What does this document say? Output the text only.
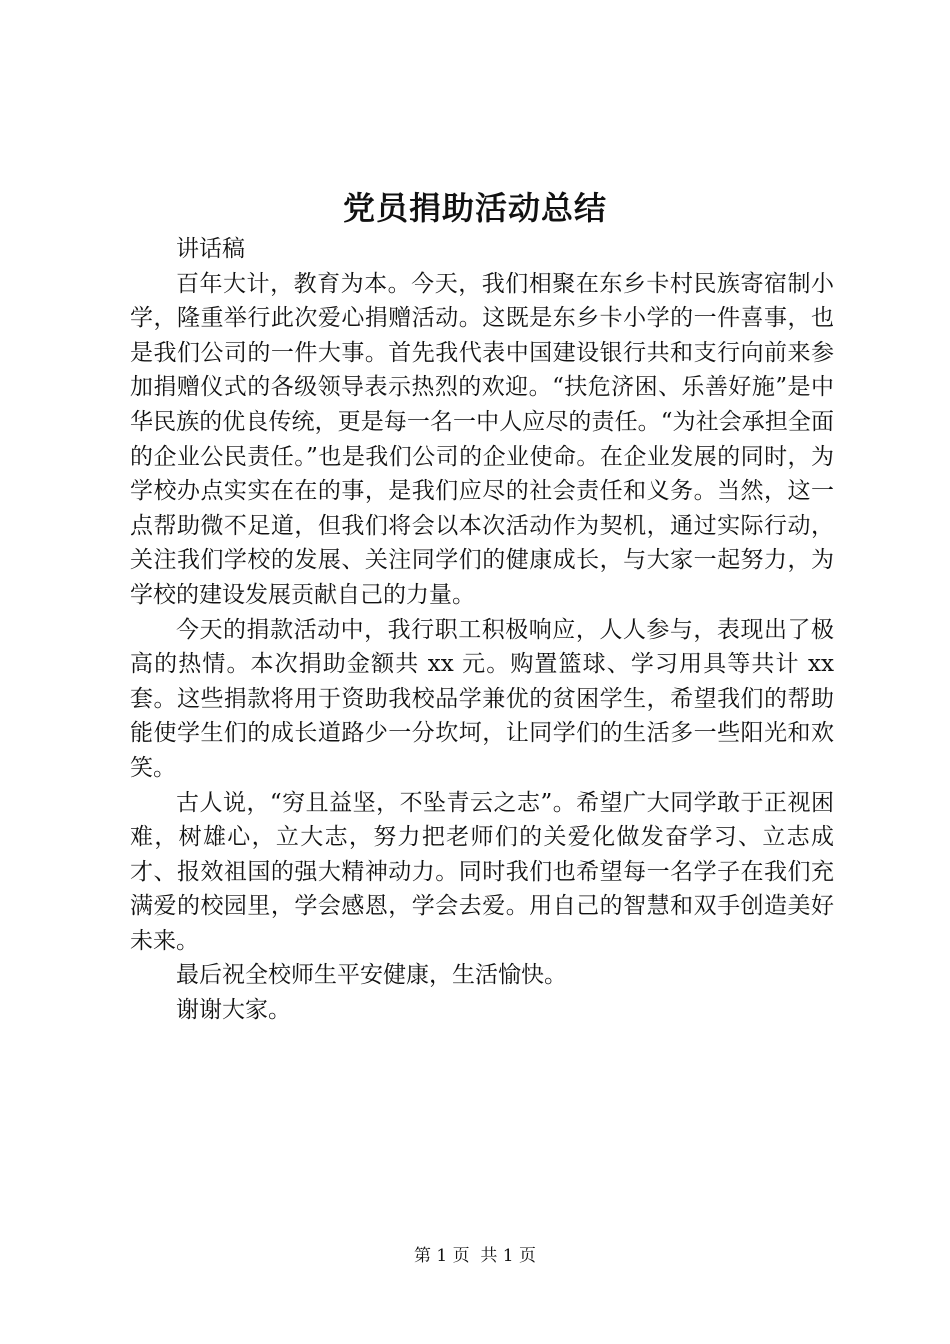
党员捐助活动总结

讲话稿

百年大计，教育为本。今天，我们相聚在东乡卡村民族寄宿制小学，隆重举行此次爱心捐赠活动。这既是东乡卡小学的一件喜事，也是我们公司的一件大事。首先我代表中国建设银行共和支行向前来参加捐赠仪式的各级领导表示热烈的欢迎。“扶危济困、乐善好施”是中华民族的优良传统，更是每一名一中人应尽的责任。“为社会承担全面的企业公民责任。”也是我们公司的企业使命。在企业发展的同时，为学校办点实实在在的事，是我们应尽的社会责任和义务。当然，这一点帮助微不足道，但我们将会以本次活动作为契机，通过实际行动，关注我们学校的发展、关注同学们的健康成长，与大家一起努力，为学校的建设发展贡献自己的力量。

今天的捐款活动中，我行职工积极响应，人人参与，表现出了极高的热情。本次捐助金额共 xx 元。购置篮球、学习用具等共计 xx 套。这些捐款将用于资助我校品学兼优的贫困学生，希望我们的帮助能使学生们的成长道路少一分坎坷，让同学们的生活多一些阳光和欢笑。

古人说，“穷且益坚，不坠青云之志”。希望广大同学敢于正视困难，树雄心，立大志，努力把老师们的关爱化做发奋学习、立志成才、报效祖国的强大精神动力。同时我们也希望每一名学子在我们充满爱的校园里，学会感恩，学会去爱。用自己的智慧和双手创造美好未来。

最后祝全校师生平安健康，生活愉快。

谢谢大家。

第 1 页  共 1 页
